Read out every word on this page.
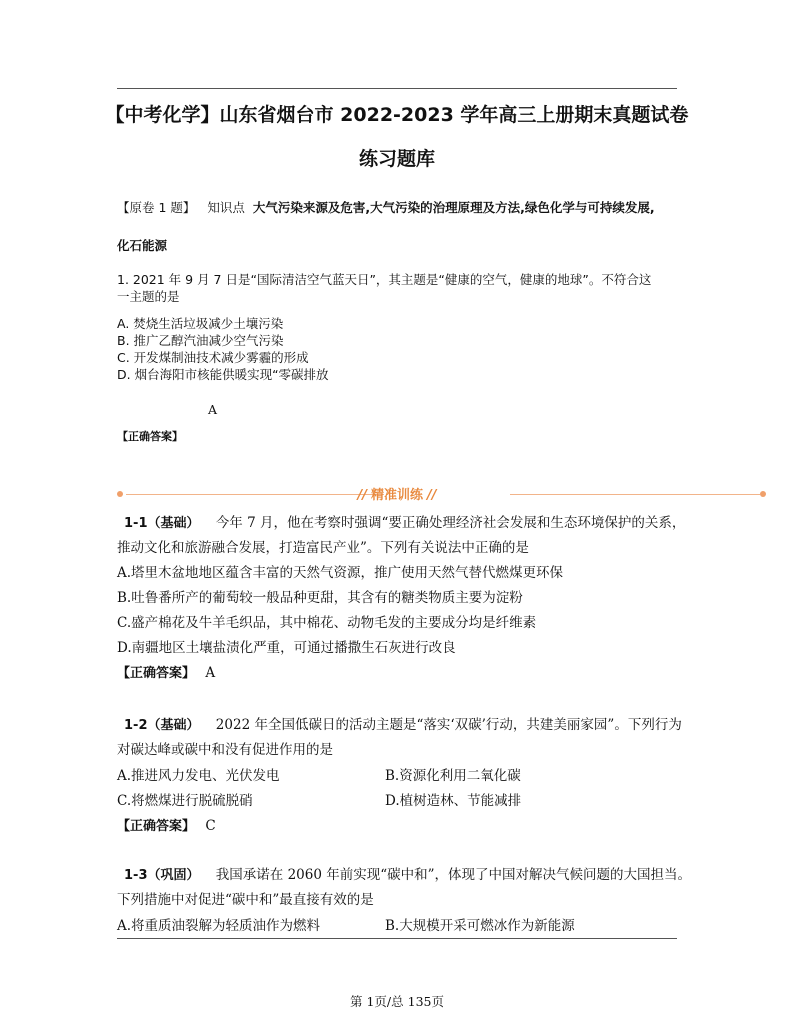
【中考化学】山东省烟台市 2022-2023 学年高三上册期末真题试卷
练习题库
【原卷 1 题】 知识点 大气污染来源及危害,大气污染的治理原理及方法,绿色化学与可持续发展,
化石能源
1. 2021 年 9 月 7 日是“国际清洁空气蓝天日”，其主题是“健康的空气，健康的地球”。不符合这
一主题的是
A. 焚烧生活垃圾减少土壤污染
B. 推广乙醇汽油减少空气污染
C. 开发煤制油技术减少雾霾的形成
D. 烟台海阳市核能供暖实现“零碳排放
A
【正确答案】
// 精准训练 //
1-1（基础） 今年 7 月，他在考察时强调“要正确处理经济社会发展和生态环境保护的关系，
推动文化和旅游融合发展，打造富民产业”。下列有关说法中正确的是
A.塔里木盆地地区蕴含丰富的天然气资源，推广使用天然气替代燃煤更环保
B.吐鲁番所产的葡萄较一般品种更甜，其含有的糖类物质主要为淀粉
C.盛产棉花及牛羊毛织品，其中棉花、动物毛发的主要成分均是纤维素
D.南疆地区土壤盐渍化严重，可通过播撒生石灰进行改良
【正确答案】 A
1-2（基础） 2022 年全国低碳日的活动主题是“落实‘双碳’行动，共建美丽家园”。下列行为
对碳达峰或碳中和没有促进作用的是
A.推进风力发电、光伏发电	B.资源化利用二氧化碳
C.将燃煤进行脱硫脱硝	D.植树造林、节能减排
【正确答案】 C
1-3（巩固） 我国承诺在 2060 年前实现“碳中和”，体现了中国对解决气候问题的大国担当。
下列措施中对促进“碳中和”最直接有效的是
A.将重质油裂解为轻质油作为燃料	B.大规模开采可燃冰作为新能源
第 1页/总 135页
